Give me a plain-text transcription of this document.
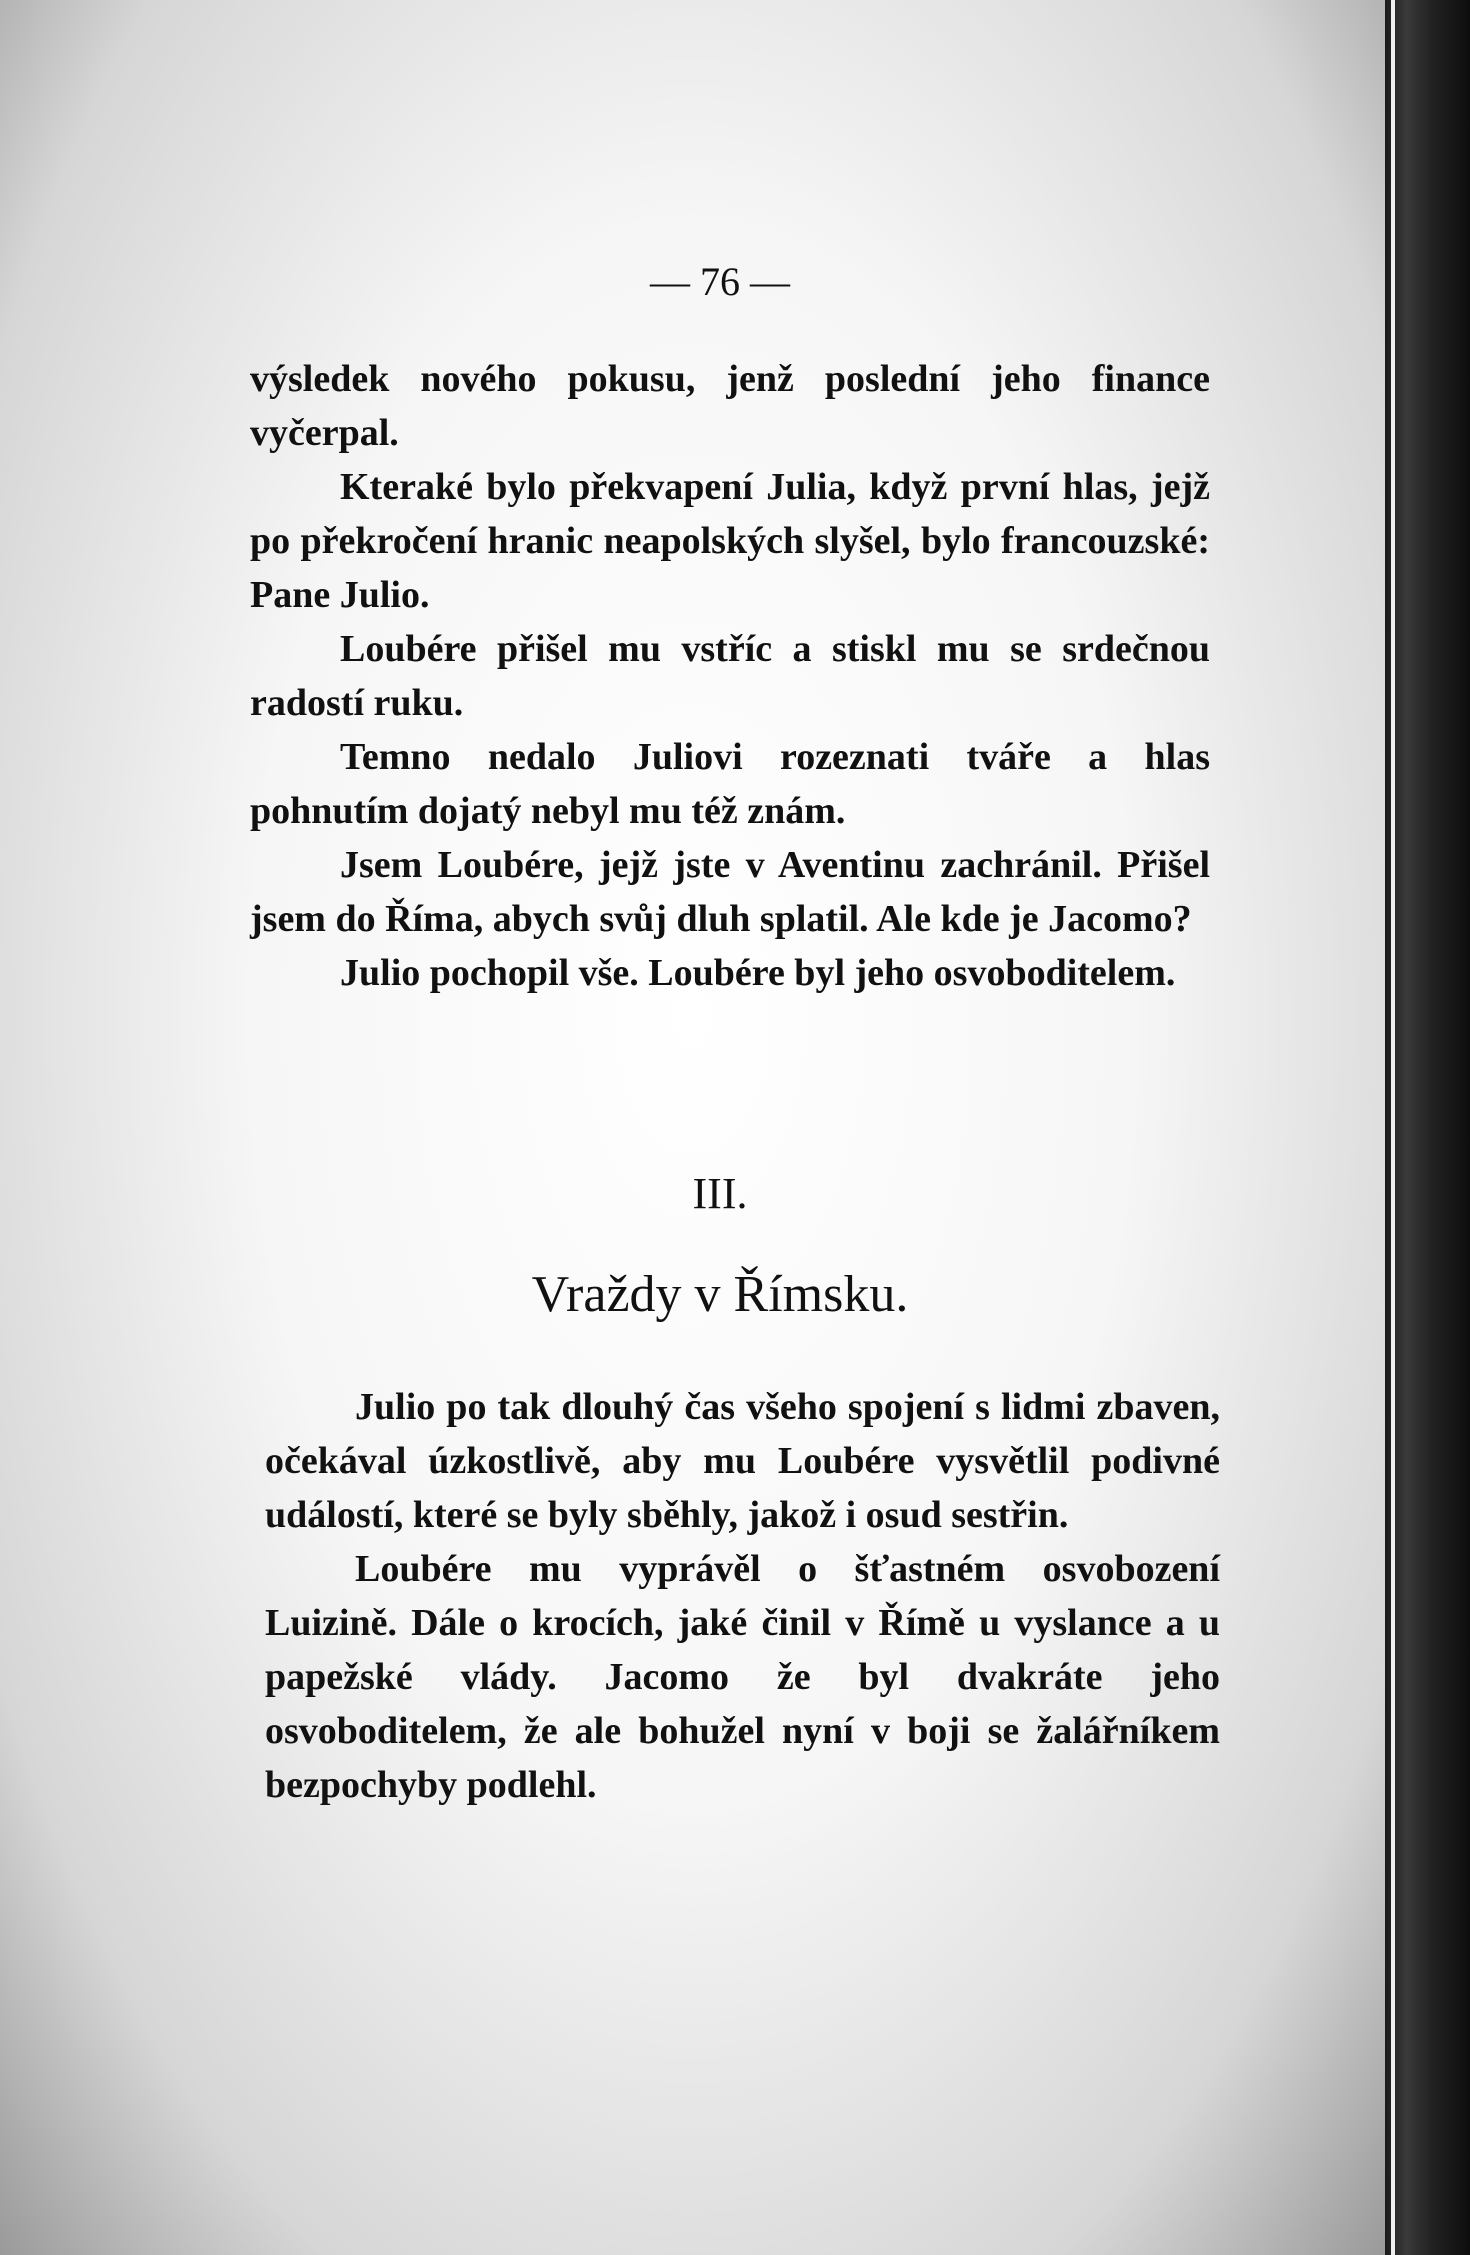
— 76 —

výsledek nového pokusu, jenž poslední jeho finance vyčerpal.

Kteraké bylo překvapení Julia, když první hlas, jejž po překročení hranic neapolských slyšel, bylo francouzské: Pane Julio.

Loubére přišel mu vstříc a stiskl mu se srdečnou radostí ruku.

Temno nedalo Juliovi rozeznati tváře a hlas pohnutím dojatý nebyl mu též znám.

Jsem Loubére, jejž jste v Aventinu zachránil. Přišel jsem do Říma, abych svůj dluh splatil. Ale kde je Jacomo?

Julio pochopil vše. Loubére byl jeho osvoboditelem.

III.
Vraždy v Římsku.

Julio po tak dlouhý čas všeho spojení s lidmi zbaven, očekával úzkostlivě, aby mu Loubére vysvětlil podivné událostí, které se byly sběhly, jakož i osud sestřin.

Loubére mu vyprávěl o šťastném osvobození Luizině. Dále o krocích, jaké činil v Římě u vyslance a u papežské vlády. Jacomo že byl dvakráte jeho osvoboditelem, že ale bohužel nyní v boji se žalářníkem bezpochyby podlehl.
